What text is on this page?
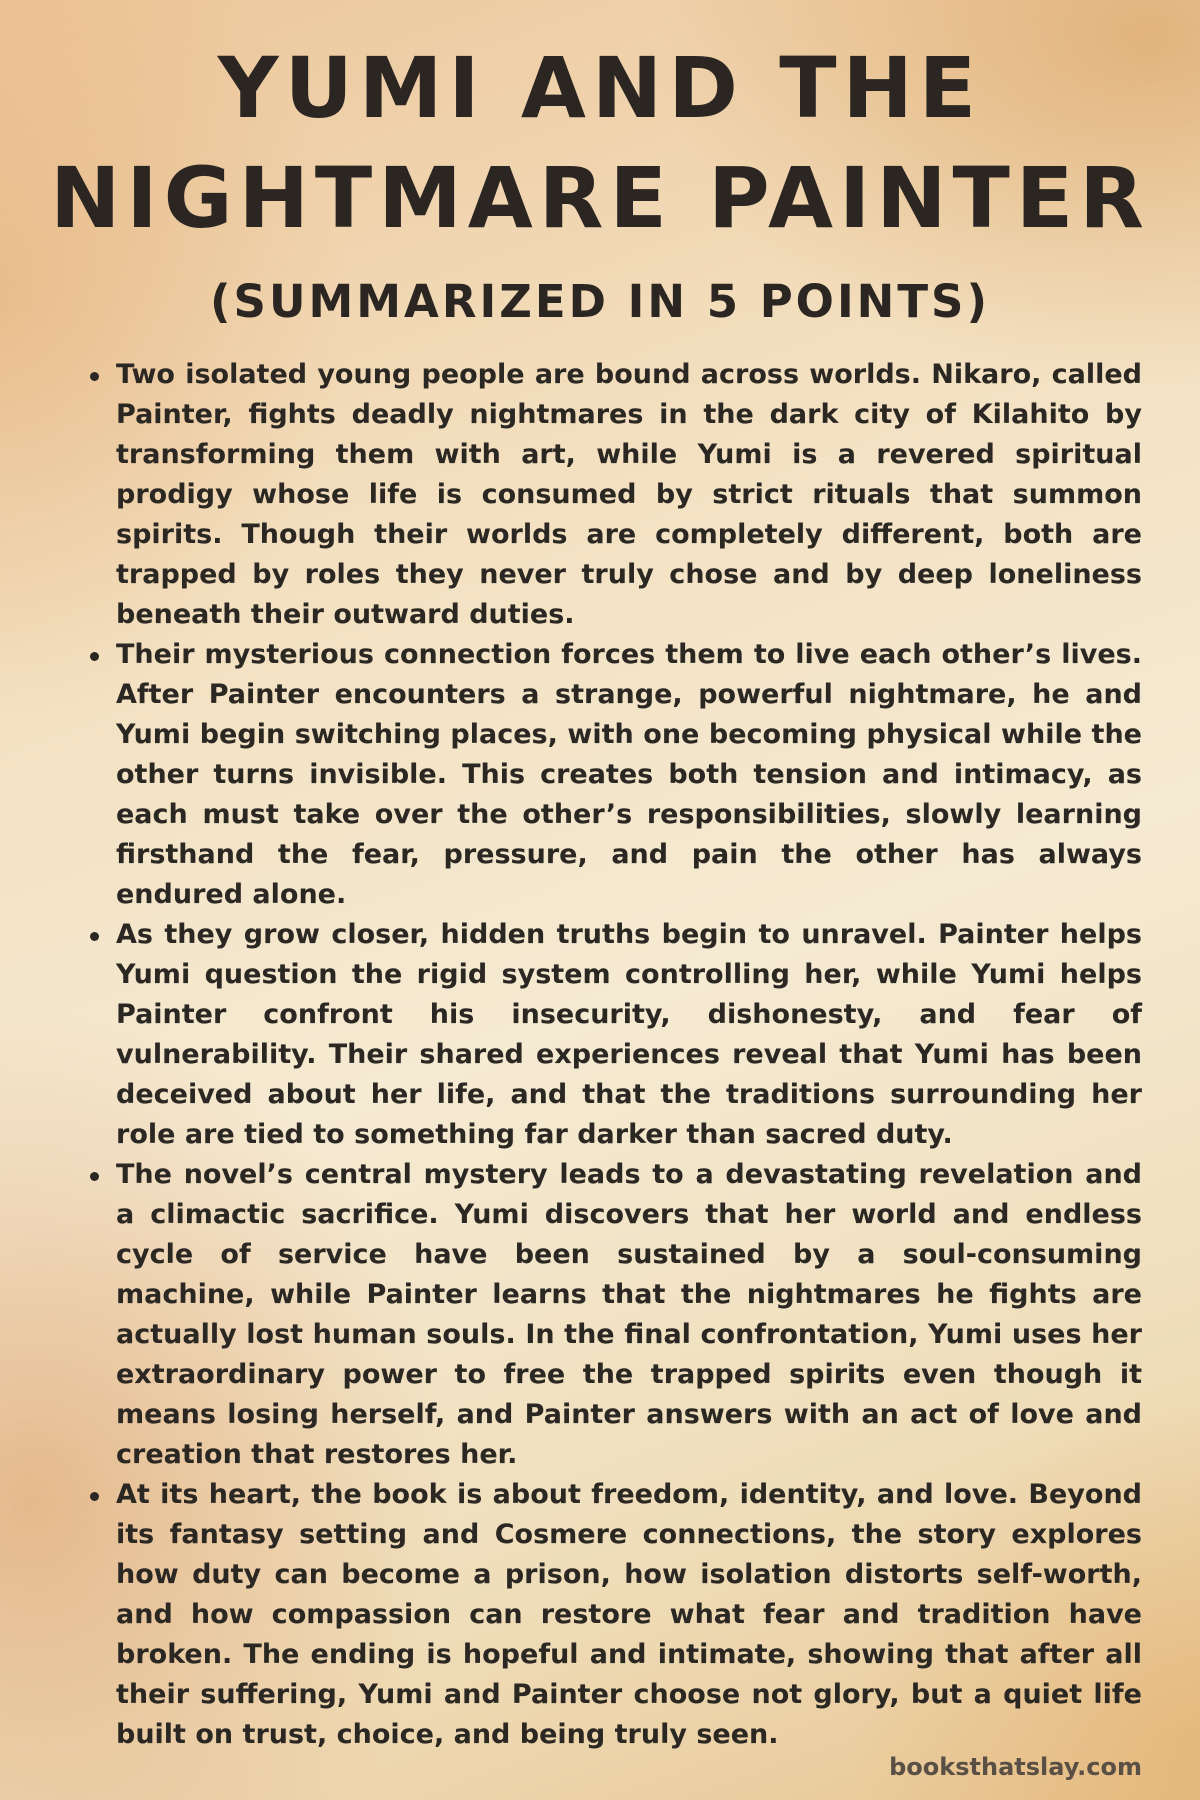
YUMI AND THE
NIGHTMARE PAINTER
(SUMMARIZED IN 5 POINTS)
Two isolated young people are bound across worlds. Nikaro, called Painter, fights deadly nightmares in the dark city of Kilahito by transforming them with art, while Yumi is a revered spiritual prodigy whose life is consumed by strict rituals that summon spirits. Though their worlds are completely different, both are trapped by roles they never truly chose and by deep loneliness beneath their outward duties.
Their mysterious connection forces them to live each other’s lives. After Painter encounters a strange, powerful nightmare, he and Yumi begin switching places, with one becoming physical while the other turns invisible. This creates both tension and intimacy, as each must take over the other’s responsibilities, slowly learning firsthand the fear, pressure, and pain the other has always endured alone.
As they grow closer, hidden truths begin to unravel. Painter helps Yumi question the rigid system controlling her, while Yumi helps Painter confront his insecurity, dishonesty, and fear of vulnerability. Their shared experiences reveal that Yumi has been deceived about her life, and that the traditions surrounding her role are tied to something far darker than sacred duty.
The novel’s central mystery leads to a devastating revelation and a climactic sacrifice. Yumi discovers that her world and endless cycle of service have been sustained by a soul-consuming machine, while Painter learns that the nightmares he fights are actually lost human souls. In the final confrontation, Yumi uses her extraordinary power to free the trapped spirits even though it means losing herself, and Painter answers with an act of love and creation that restores her.
At its heart, the book is about freedom, identity, and love. Beyond its fantasy setting and Cosmere connections, the story explores how duty can become a prison, how isolation distorts self-worth, and how compassion can restore what fear and tradition have broken. The ending is hopeful and intimate, showing that after all their suffering, Yumi and Painter choose not glory, but a quiet life built on trust, choice, and being truly seen.
booksthatslay.com
